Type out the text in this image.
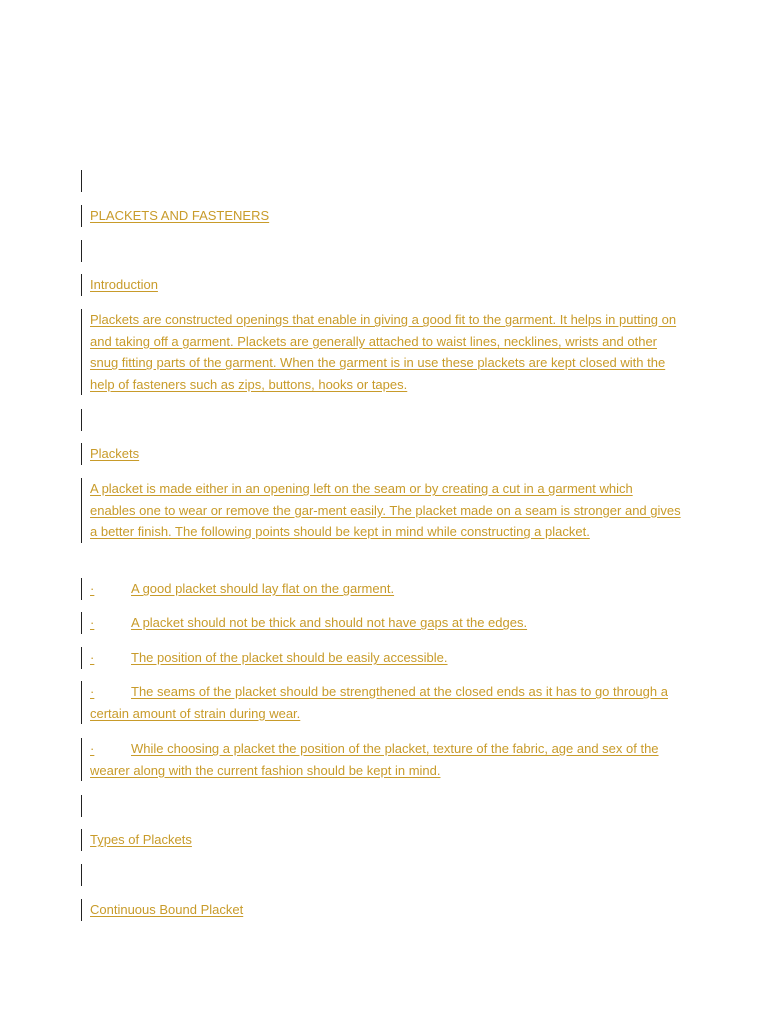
PLACKETS AND FASTENERS
Introduction
Plackets are constructed openings that enable in giving a good fit to the garment. It helps in putting on and taking off a garment. Plackets are generally attached to waist lines, necklines, wrists and other snug fitting parts of the garment. When the garment is in use these plackets are kept closed with the help of fasteners such as zips, buttons, hooks or tapes.
Plackets
A placket is made either in an opening left on the seam or by creating a cut in a garment which enables one to wear or remove the gar-ment easily. The placket made on a seam is stronger and gives a better finish. The following points should be kept in mind while constructing a placket.
·	A good placket should lay flat on the garment.
·	A placket should not be thick and should not have gaps at the edges.
·	The position of the placket should be easily accessible.
·	The seams of the placket should be strengthened at the closed ends as it has to go through a certain amount of strain during wear.
·	While choosing a placket the position of the placket, texture of the fabric, age and sex of the wearer along with the current fashion should be kept in mind.
Types of Plackets
Continuous Bound Placket
